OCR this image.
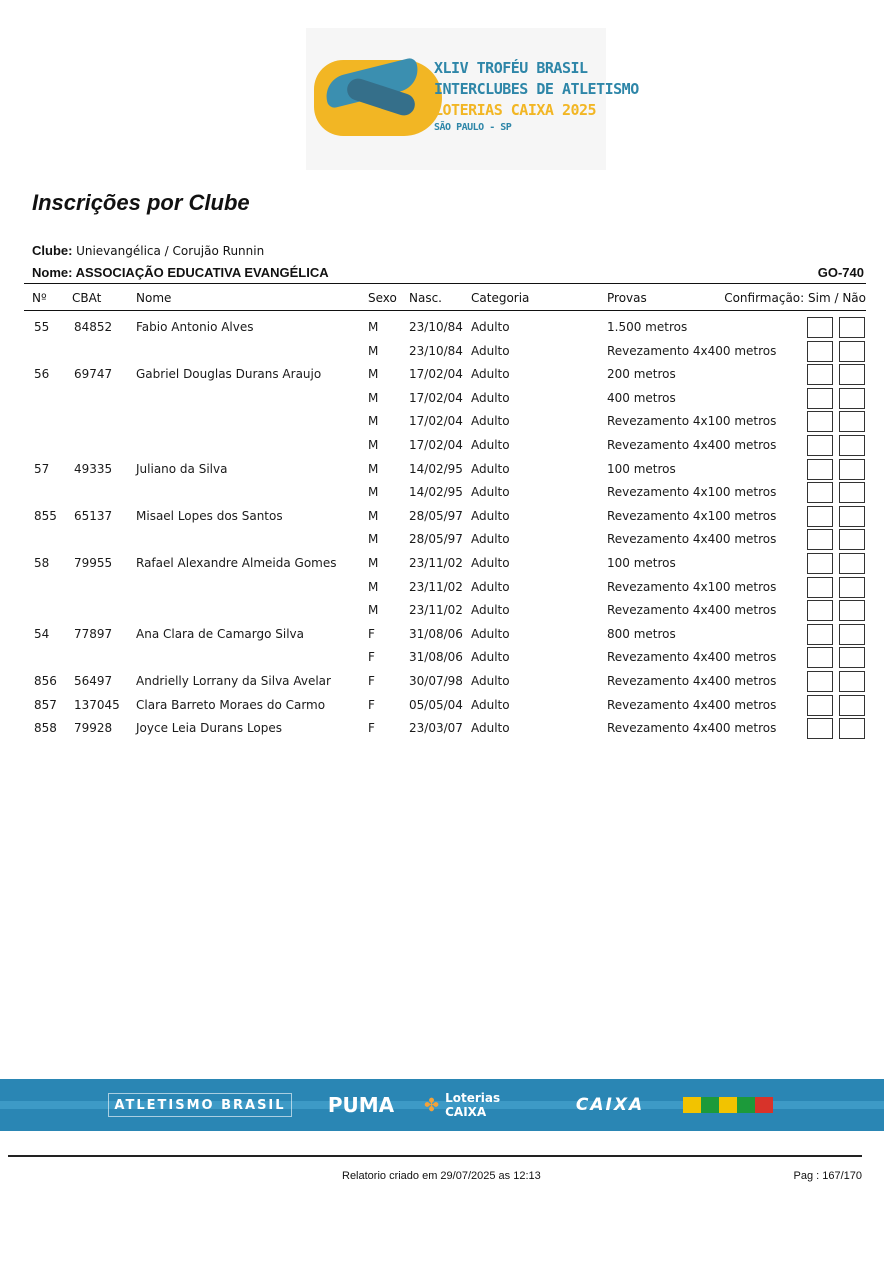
XLIV TROFÉU BRASIL
INTERCLUBES DE ATLETISMO
LOTERIAS CAIXA 2025
SÃO PAULO - SP
Inscrições por Clube
Clube: Unievangélica / Corujão Runnin
Nome: ASSOCIAÇÃO EDUCATIVA EVANGÉLICA	GO-740
Nº CBAt	Nome	Sexo Nasc. Categoria	Provas	Confirmação: Sim / Não
55 84852 Fabio Antonio Alves	M	23/10/84 Adulto	1.500 metros
M	23/10/84 Adulto	Revezamento 4x400 metros
56 69747 Gabriel Douglas Durans Araujo	M	17/02/04 Adulto	200 metros
M	17/02/04 Adulto	400 metros
M	17/02/04 Adulto	Revezamento 4x100 metros
M	17/02/04 Adulto	Revezamento 4x400 metros
57 49335 Juliano da Silva	M	14/02/95 Adulto	100 metros
M	14/02/95 Adulto	Revezamento 4x100 metros
855 65137 Misael Lopes dos Santos	M	28/05/97 Adulto	Revezamento 4x100 metros
M	28/05/97 Adulto	Revezamento 4x400 metros
58 79955 Rafael Alexandre Almeida Gomes	M	23/11/02 Adulto	100 metros
M	23/11/02 Adulto	Revezamento 4x100 metros
M	23/11/02 Adulto	Revezamento 4x400 metros
54 77897 Ana Clara de Camargo Silva	F	31/08/06 Adulto	800 metros
F	31/08/06 Adulto	Revezamento 4x400 metros
856 56497 Andrielly Lorrany da Silva Avelar	F	30/07/98 Adulto	Revezamento 4x400 metros
857 137045 Clara Barreto Moraes do Carmo	F	05/05/04 Adulto	Revezamento 4x400 metros
858 79928 Joyce Leia Durans Lopes	F	23/03/07 Adulto	Revezamento 4x400 metros
ATLETISMO BRASIL	PUMA ✤ Loterias CAIXA	CAIXA
Relatorio criado em 29/07/2025 as 12:13	Pag : 167/170
